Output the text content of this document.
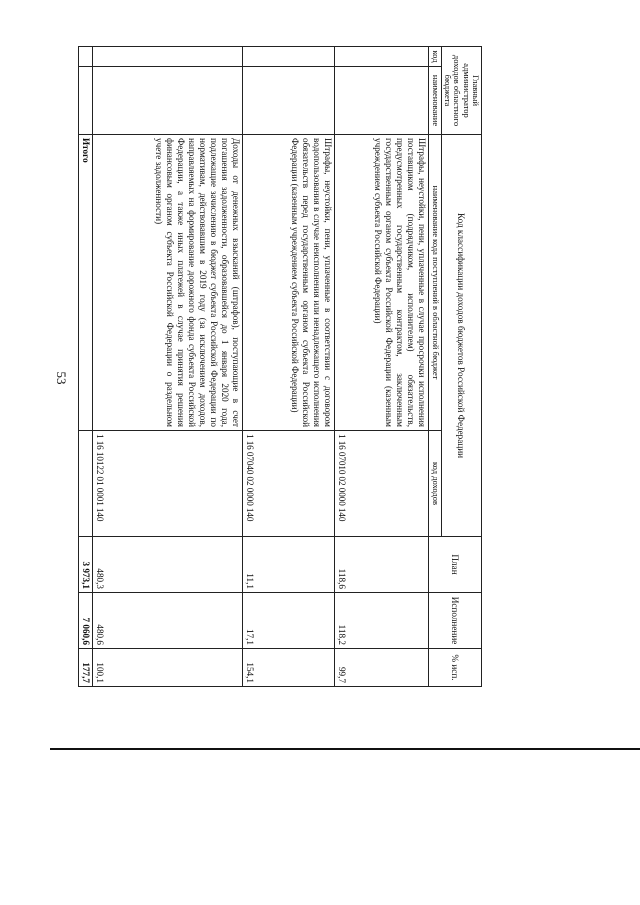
53
Главный администратор доходов областного бюджета		Код классификации доходов бюджетов Российской Федерации		План	Исполнение	% исп.
код	наименование	наименование кода поступлений в областной бюджет	код доходов			
		Штрафы, неустойки, пени, уплаченные в случае просрочки исполнения поставщиком (подрядчиком, исполнителем) обязательств, предусмотренных государственным контрактом, заключенным государственным органом субъекта Российской Федерации (казенным учреждением субъекта Российской Федерации)	1 16 07010 02 0000 140	118,6	118,2	99,7
		Штрафы, неустойки, пени, уплаченные в соответствии с договором водопользования в случае неисполнения или ненадлежащего исполнения обязательств перед государственным органом субъекта Российской Федерации (казенным учреждением субъекта Российской Федерации)	1 16 07040 02 0000 140	11,1	17,1	154,1
		Доходы от денежных взысканий (штрафов), поступающие в счет погашения задолженности, образовавшейся до 1 января 2020 года, подлежащие зачислению в бюджет субъекта Российской Федерации по нормативам, действовавшим в 2019 году (за исключением доходов, направляемых на формирование дорожного фонда субъекта Российской Федерации, а также иных платежей в случае принятия решения финансовым органом субъекта Российской Федерации о раздельном учете задолженности)	1 16 10122 01 0001 140	480,3	480,6	100,1
		Итого		3 973,1	7 060,6	177,7
